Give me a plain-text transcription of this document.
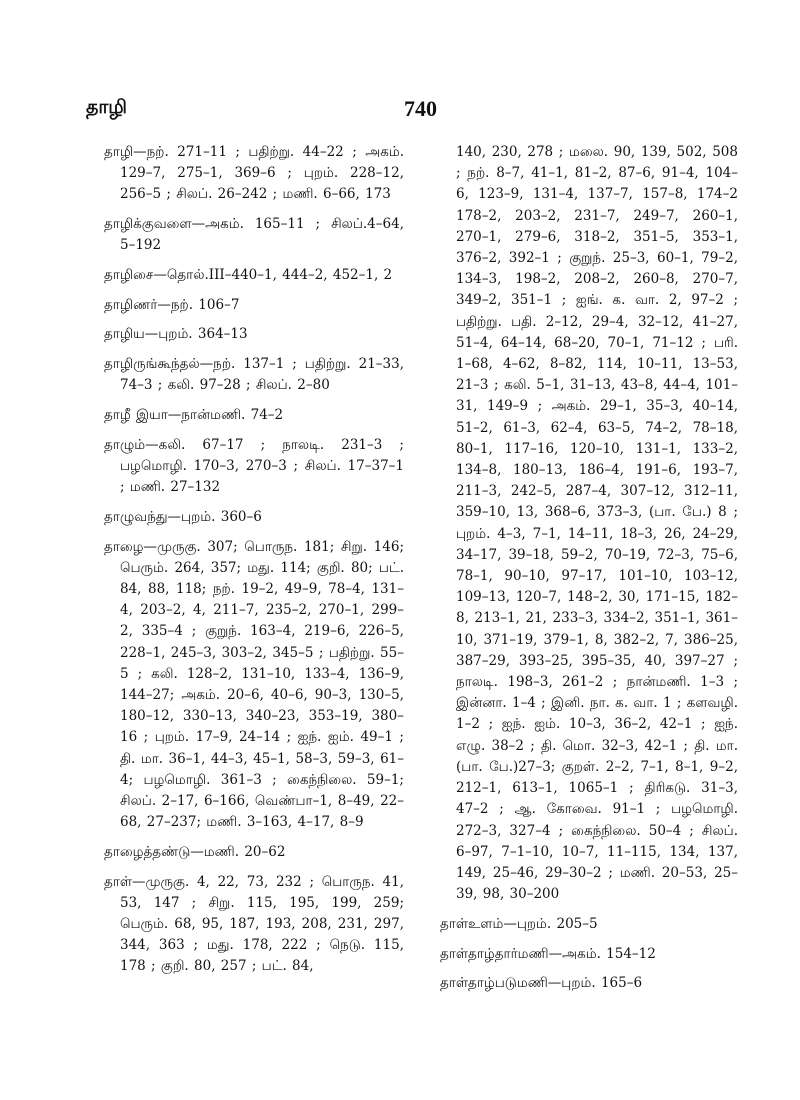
தாழி	740

தாழி—நற். 271–11 ; பதிற்று. 44–22 ; அகம். 129–7, 275–1, 369–6 ; புறம். 228–12, 256–5 ; சிலப். 26–242 ; மணி. 6–66, 173

தாழிக்குவளை—அகம். 165–11 ; சிலப்.4–64, 5–192

தாழிசை—தொல்.III–440–1, 444–2, 452–1, 2

தாழிணர்—நற். 106–7

தாழிய—புறம். 364–13

தாழிருங்கூந்தல்—நற். 137–1 ; பதிற்று. 21–33, 74–3 ; கலி. 97–28 ; சிலப். 2–80

தாழீ இயா—நான்மணி. 74–2

தாழும்—கலி. 67–17 ; நாலடி. 231–3 ; பழமொழி. 170–3, 270–3 ; சிலப். 17–37–1 ; மணி. 27–132

தாழுவந்து—புறம். 360–6

தாழை—முருகு. 307; பொருந. 181; சிறு. 146; பெரும். 264, 357; மது. 114; குறி. 80; பட். 84, 88, 118; நற். 19–2, 49–9, 78–4, 131–4, 203–2, 4, 211–7, 235–2, 270–1, 299–2, 335–4 ; குறுந். 163–4, 219–6, 226–5, 228–1, 245–3, 303–2, 345–5 ; பதிற்று. 55–5 ; கலி. 128–2, 131–10, 133–4, 136–9, 144–27; அகம். 20–6, 40–6, 90–3, 130–5, 180–12, 330–13, 340–23, 353–19, 380–16 ; புறம். 17–9, 24–14 ; ஐந். ஐம். 49–1 ; தி. மா. 36–1, 44–3, 45–1, 58–3, 59–3, 61–4; பழமொழி. 361–3 ; கைந்நிலை. 59–1; சிலப். 2–17, 6–166, வெண்பா–1, 8–49, 22–68, 27–237; மணி. 3–163, 4–17, 8–9

தாழைத்தண்டு—மணி. 20–62

தாள்—முருகு. 4, 22, 73, 232 ; பொருந. 41, 53, 147 ; சிறு. 115, 195, 199, 259; பெரும். 68, 95, 187, 193, 208, 231, 297, 344, 363 ; மது. 178, 222 ; நெடு. 115, 178 ; குறி. 80, 257 ; பட். 84,

140, 230, 278 ; மலை. 90, 139, 502, 508 ; நற். 8–7, 41–1, 81–2, 87–6, 91–4, 104–6, 123–9, 131–4, 137–7, 157–8, 174–2 178–2, 203–2, 231–7, 249–7, 260–1, 270–1, 279–6, 318–2, 351–5, 353–1, 376–2, 392–1 ; குறுந். 25–3, 60–1, 79–2, 134–3, 198–2, 208–2, 260–8, 270–7, 349–2, 351–1 ; ஐங். க. வா. 2, 97–2 ; பதிற்று. பதி. 2–12, 29–4, 32–12, 41–27, 51–4, 64–14, 68–20, 70–1, 71–12 ; பரி. 1–68, 4–62, 8–82, 114, 10–11, 13–53, 21–3 ; கலி. 5–1, 31–13, 43–8, 44–4, 101–31, 149–9 ; அகம். 29–1, 35–3, 40–14, 51–2, 61–3, 62–4, 63–5, 74–2, 78–18, 80–1, 117–16, 120–10, 131–1, 133–2, 134–8, 180–13, 186–4, 191–6, 193–7, 211–3, 242–5, 287–4, 307–12, 312–11, 359–10, 13, 368–6, 373–3, (பா. பே.) 8 ; புறம். 4–3, 7–1, 14–11, 18–3, 26, 24–29, 34–17, 39–18, 59–2, 70–19, 72–3, 75–6, 78–1, 90–10, 97–17, 101–10, 103–12, 109–13, 120–7, 148–2, 30, 171–15, 182–8, 213–1, 21, 233–3, 334–2, 351–1, 361–10, 371–19, 379–1, 8, 382–2, 7, 386–25, 387–29, 393–25, 395–35, 40, 397–27 ; நாலடி. 198–3, 261–2 ; நான்மணி. 1–3 ; இன்னா. 1–4 ; இனி. நா. க. வா. 1 ; களவழி. 1–2 ; ஐந். ஐம். 10–3, 36–2, 42–1 ; ஐந். எழு. 38–2 ; தி. மொ. 32–3, 42–1 ; தி. மா. (பா. பே.)27–3; குறள். 2–2, 7–1, 8–1, 9–2, 212–1, 613–1, 1065–1 ; திரிகடு. 31–3, 47–2 ; ஆ. கோவை. 91–1 ; பழமொழி. 272–3, 327–4 ; கைந்நிலை. 50–4 ; சிலப். 6–97, 7–1–10, 10–7, 11–115, 134, 137, 149, 25–46, 29–30–2 ; மணி. 20–53, 25–39, 98, 30–200

தாள்உளம்—புறம். 205–5

தாள்தாழ்தார்மணி—அகம். 154–12

தாள்தாழ்படுமணி—புறம். 165–6
